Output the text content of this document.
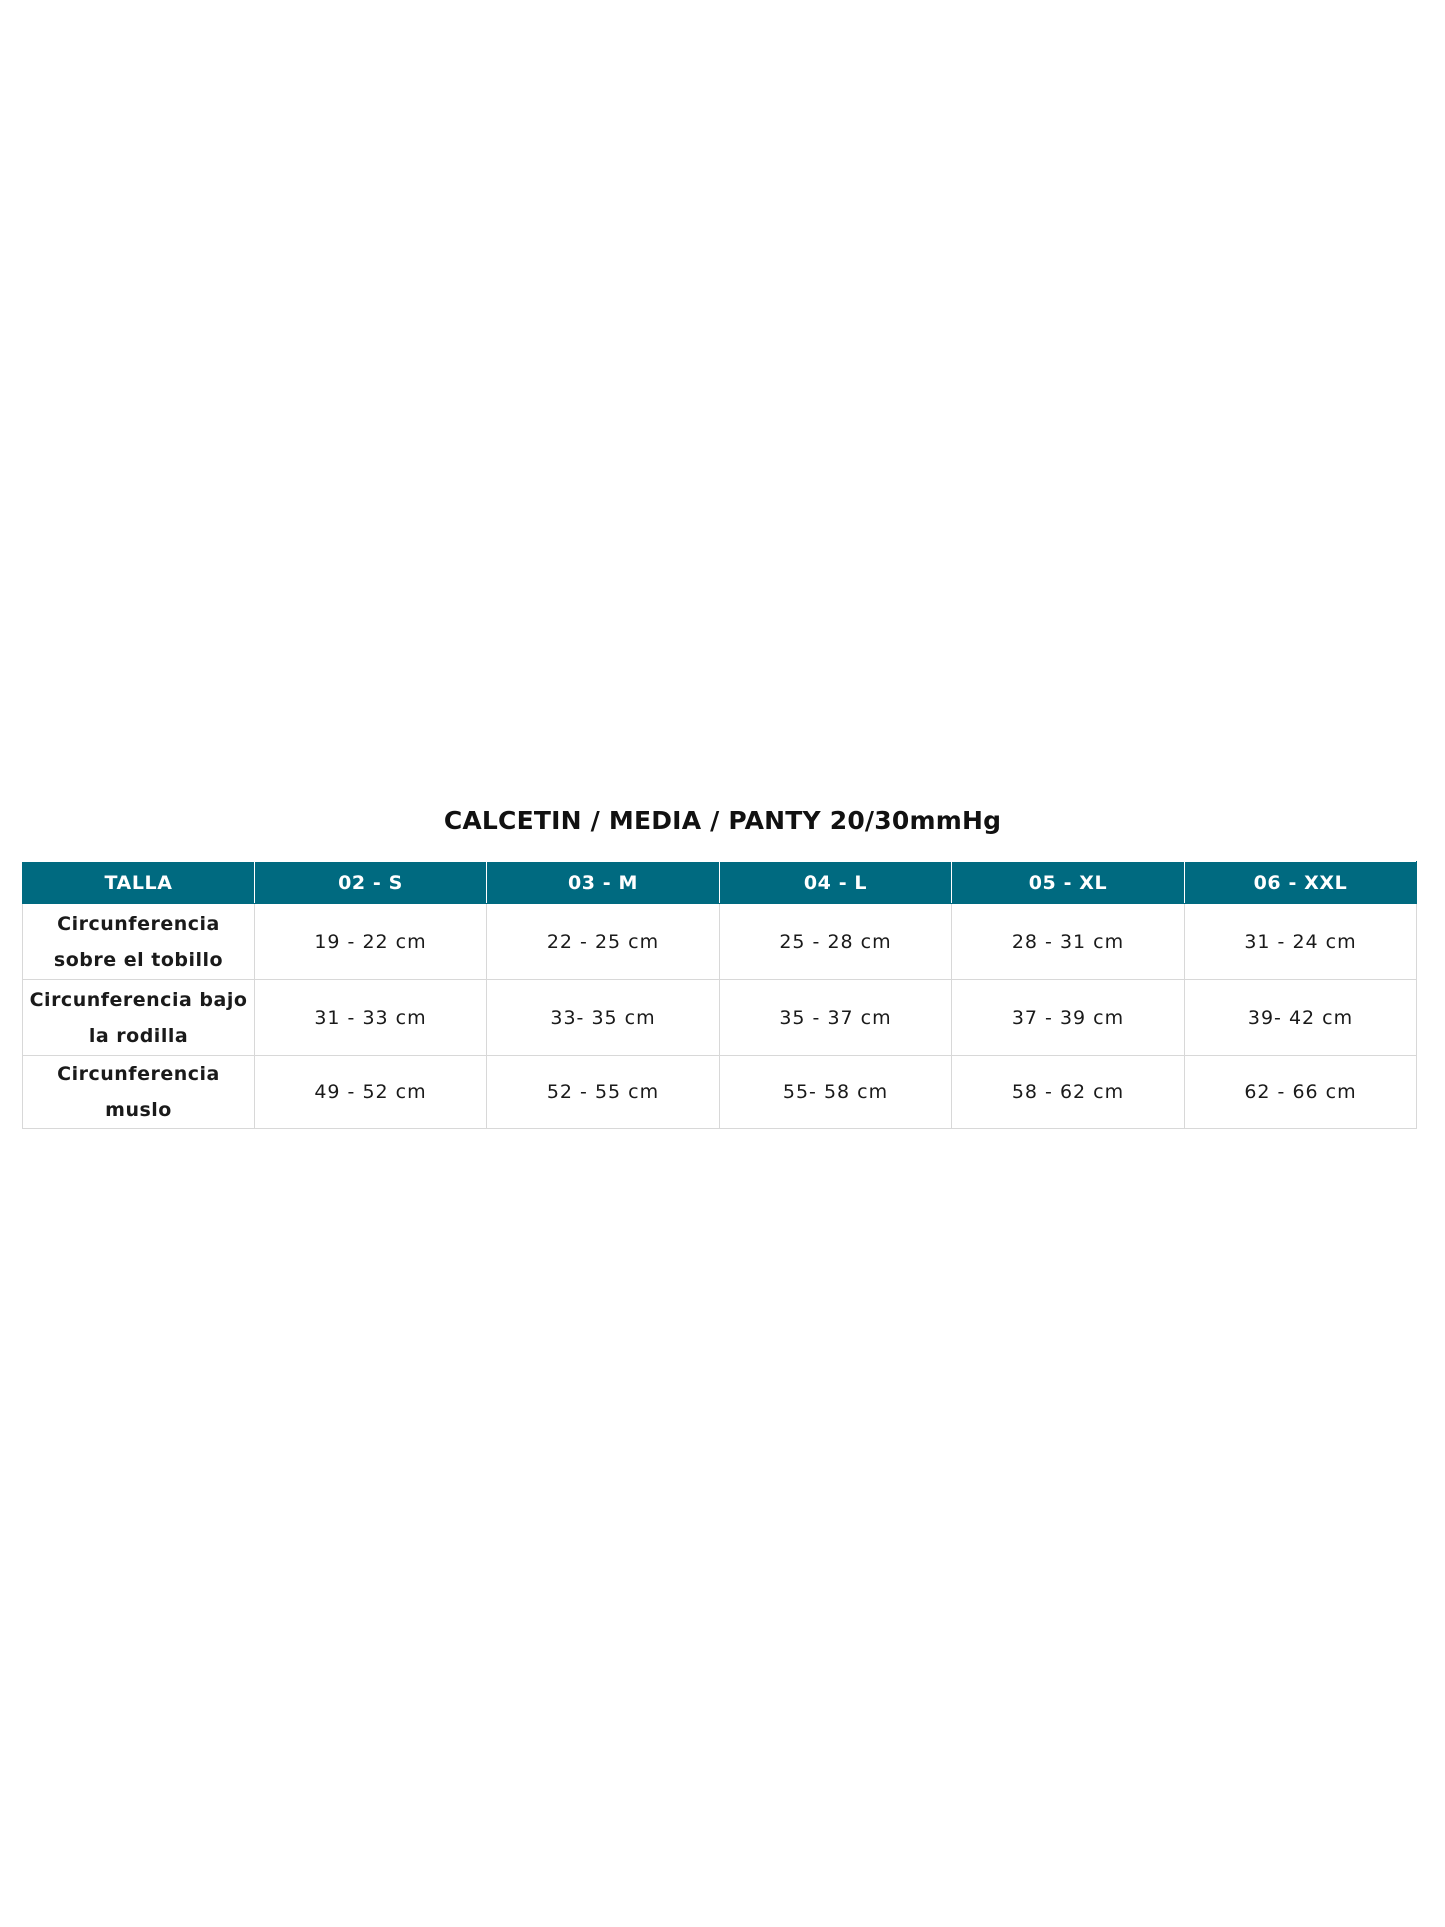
CALCETIN / MEDIA / PANTY 20/30mmHg
TALLA	02 - S	03 - M	04 - L	05 - XL	06 - XXL
Circunferencia sobre el tobillo	19 - 22 cm	22 - 25 cm	25 - 28 cm	28 - 31 cm	31 - 24 cm
Circunferencia bajo la rodilla	31 - 33 cm	33- 35 cm	35 - 37 cm	37 - 39 cm	39- 42 cm
Circunferencia muslo	49 - 52 cm	52 - 55 cm	55- 58 cm	58 - 62 cm	62 - 66 cm
